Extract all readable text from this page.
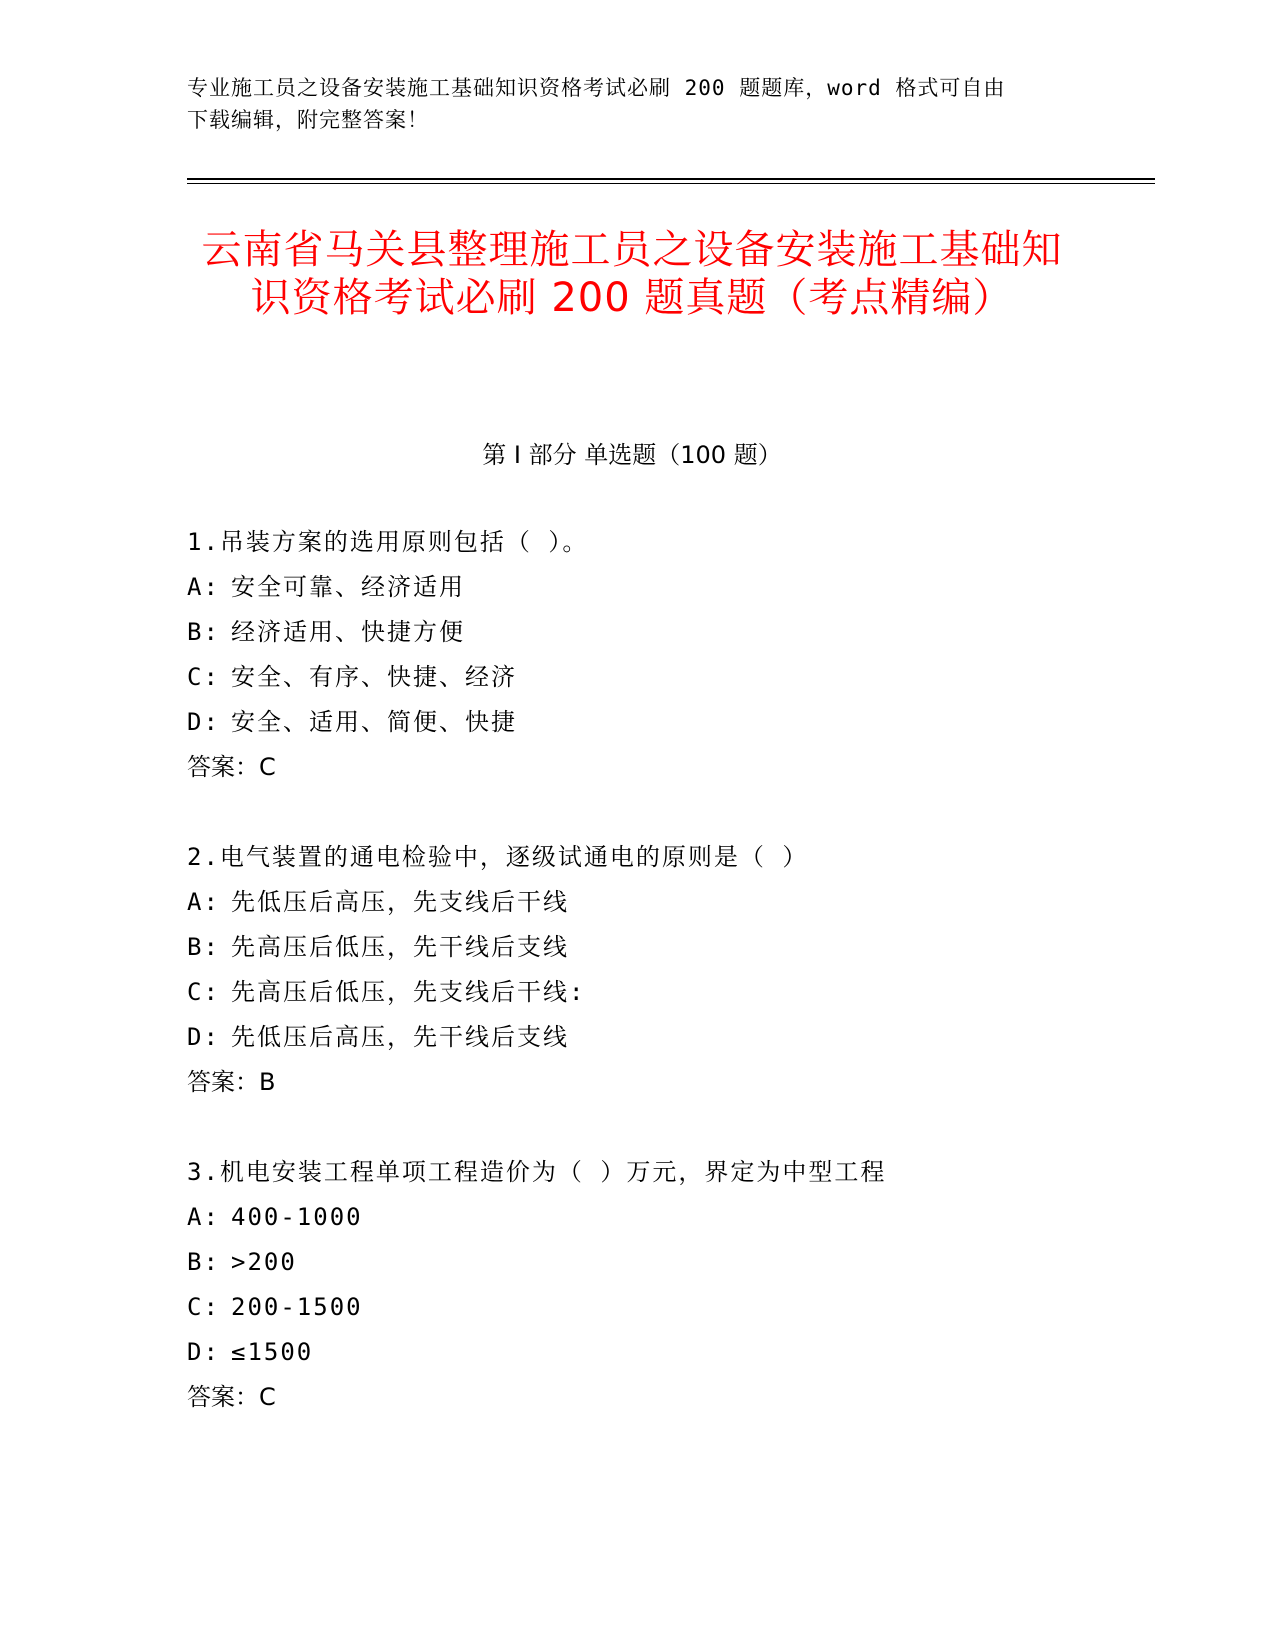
专业施工员之设备安装施工基础知识资格考试必刷 200 题题库，word 格式可自由
下载编辑，附完整答案！
云南省马关县整理施工员之设备安装施工基础知识资格考试必刷 200 题真题（考点精编）
第 I 部分 单选题（100 题）
1.吊装方案的选用原则包括（ ）。
A: 安全可靠、经济适用
B: 经济适用、快捷方便
C: 安全、有序、快捷、经济
D: 安全、适用、简便、快捷
答案：C
2.电气装置的通电检验中，逐级试通电的原则是（ ）
A: 先低压后高压，先支线后干线
B: 先高压后低压，先干线后支线
C: 先高压后低压，先支线后干线:
D: 先低压后高压，先干线后支线
答案：B
3.机电安装工程单项工程造价为（ ）万元，界定为中型工程
A: 400-1000
B: >200
C: 200-1500
D: ≤1500
答案：C
